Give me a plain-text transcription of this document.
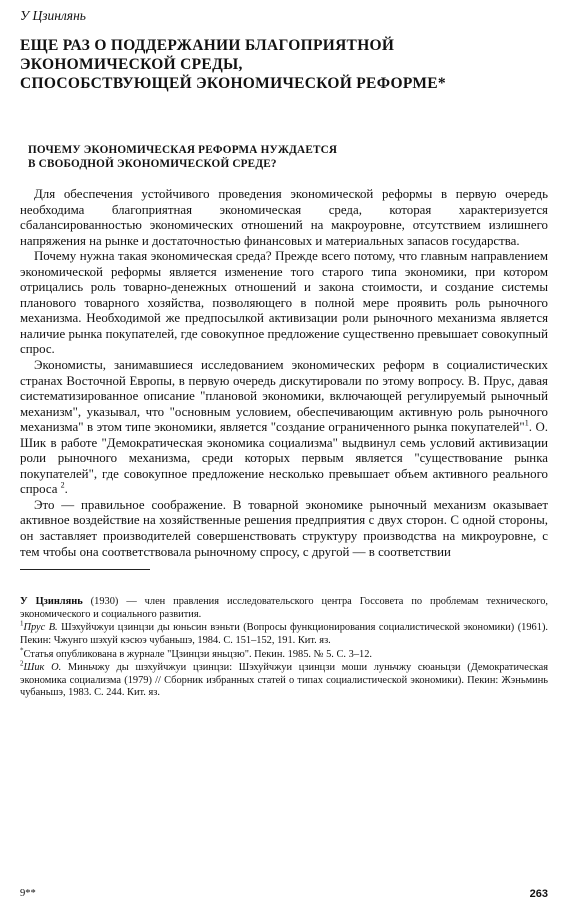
У Цзинлянь
ЕЩЕ РАЗ О ПОДДЕРЖАНИИ БЛАГОПРИЯТНОЙ
ЭКОНОМИЧЕСКОЙ СРЕДЫ,
СПОСОБСТВУЮЩЕЙ ЭКОНОМИЧЕСКОЙ РЕФОРМЕ*
ПОЧЕМУ ЭКОНОМИЧЕСКАЯ РЕФОРМА НУЖДАЕТСЯ
В СВОБОДНОЙ ЭКОНОМИЧЕСКОЙ СРЕДЕ?

Для обеспечения устойчивого проведения экономической реформы в первую очередь необходима благоприятная экономическая среда, которая характеризуется сбалансированностью экономических отношений на макроуровне, отсутствием излишнего напряжения на рынке и достаточностью финансовых и материальных запасов государства.

Почему нужна такая экономическая среда? Прежде всего потому, что главным направлением экономической реформы является изменение того старого типа экономики, при котором отрицались роль товарно-денежных отношений и закона стоимости, и создание системы планового товарного хозяйства, позволяющего в полной мере проявить роль рыночного механизма. Необходимой же предпосылкой активизации роли рыночного механизма является наличие рынка покупателей, где совокупное предложение существенно превышает совокупный спрос.

Экономисты, занимавшиеся исследованием экономических реформ в социалистических странах Восточной Европы, в первую очередь дискутировали по этому вопросу. В. Прус, давая систематизированное описание "плановой экономики, включающей регулируемый рыночный механизм", указывал, что "основным условием, обеспечивающим активную роль рыночного механизма" в этом типе экономики, является "создание ограниченного рынка покупателей"$^1$. О. Шик в работе "Демократическая экономика социализма" выдвинул семь условий активизации роли рыночного механизма, среди которых первым является "существование рынка покупателей", где совокупное предложение несколько превышает объем активного реального спроса $^2$.

Это — правильное соображение. В товарной экономике рыночный механизм оказывает активное воздействие на хозяйственные решения предприятия с двух сторон. С одной стороны, он заставляет производителей совершенствовать структуру производства на микроуровне, с тем чтобы она соответствовала рыночному спросу, с другой — в соответствии

У Цзинлянь (1930) — член правления исследовательского центра Госсовета по проблемам технического, экономического и социального развития.

$^1$Прус В. Шэхуйчжуи цзинцзи ды юньсин вэньти (Вопросы функционирования социалистической экономики) (1961). Пекин: Чжунго шэхуй кэсюэ чубаньшэ, 1984. С. 151–152, 191. Кит. яз.

*Статья опубликована в журнале "Цзинцзи яньцзю". Пекин. 1985. № 5. С. 3–12.

$^2$Шик О. Миньчжу ды шэхуйчжуи цзинцзи: Шэхуйчжуи цзинцзи моши луньчжу сюаньцзи (Демократическая экономика социализма (1979) // Сборник избранных статей о типах социалистической экономики). Пекин: Жэньминь чубаньшэ, 1983. С. 244. Кит. яз.

9**	263
